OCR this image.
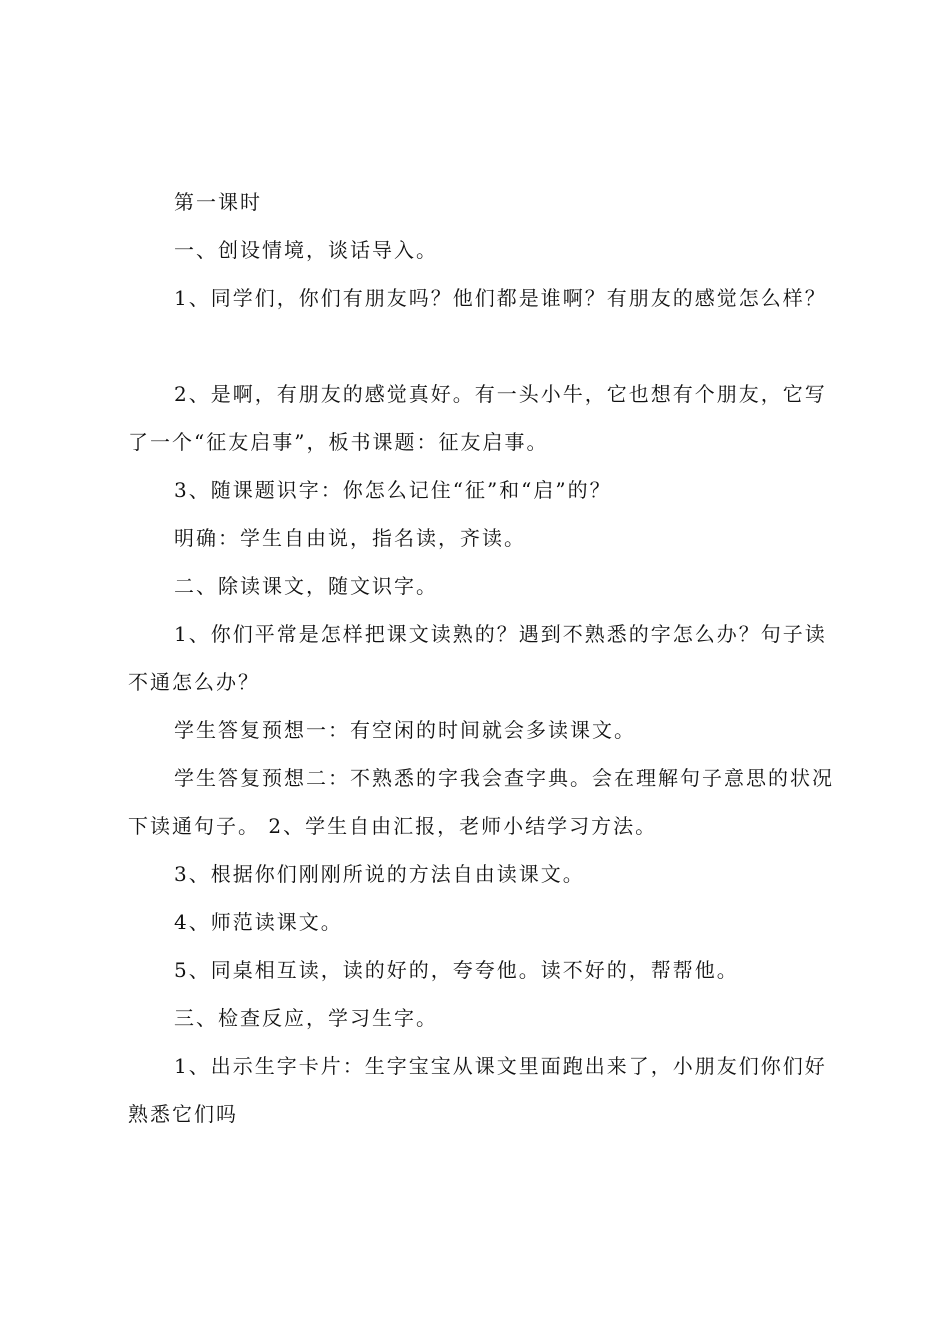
第一课时

一、创设情境，谈话导入。

1、同学们，你们有朋友吗？他们都是谁啊？有朋友的感觉怎么样？

2、是啊，有朋友的感觉真好。有一头小牛，它也想有个朋友，它写了一个“征友启事”，板书课题：征友启事。

3、随课题识字：你怎么记住“征”和“启”的？

明确：学生自由说，指名读，齐读。

二、除读课文，随文识字。

1、你们平常是怎样把课文读熟的？遇到不熟悉的字怎么办？句子读不通怎么办？

学生答复预想一：有空闲的时间就会多读课文。

学生答复预想二：不熟悉的字我会查字典。会在理解句子意思的状况下读通句子。 2、学生自由汇报，老师小结学习方法。

3、根据你们刚刚所说的方法自由读课文。

4、师范读课文。

5、同桌相互读，读的好的，夸夸他。读不好的，帮帮他。

三、检查反应，学习生字。

1、出示生字卡片：生字宝宝从课文里面跑出来了，小朋友们你们好熟悉它们吗
